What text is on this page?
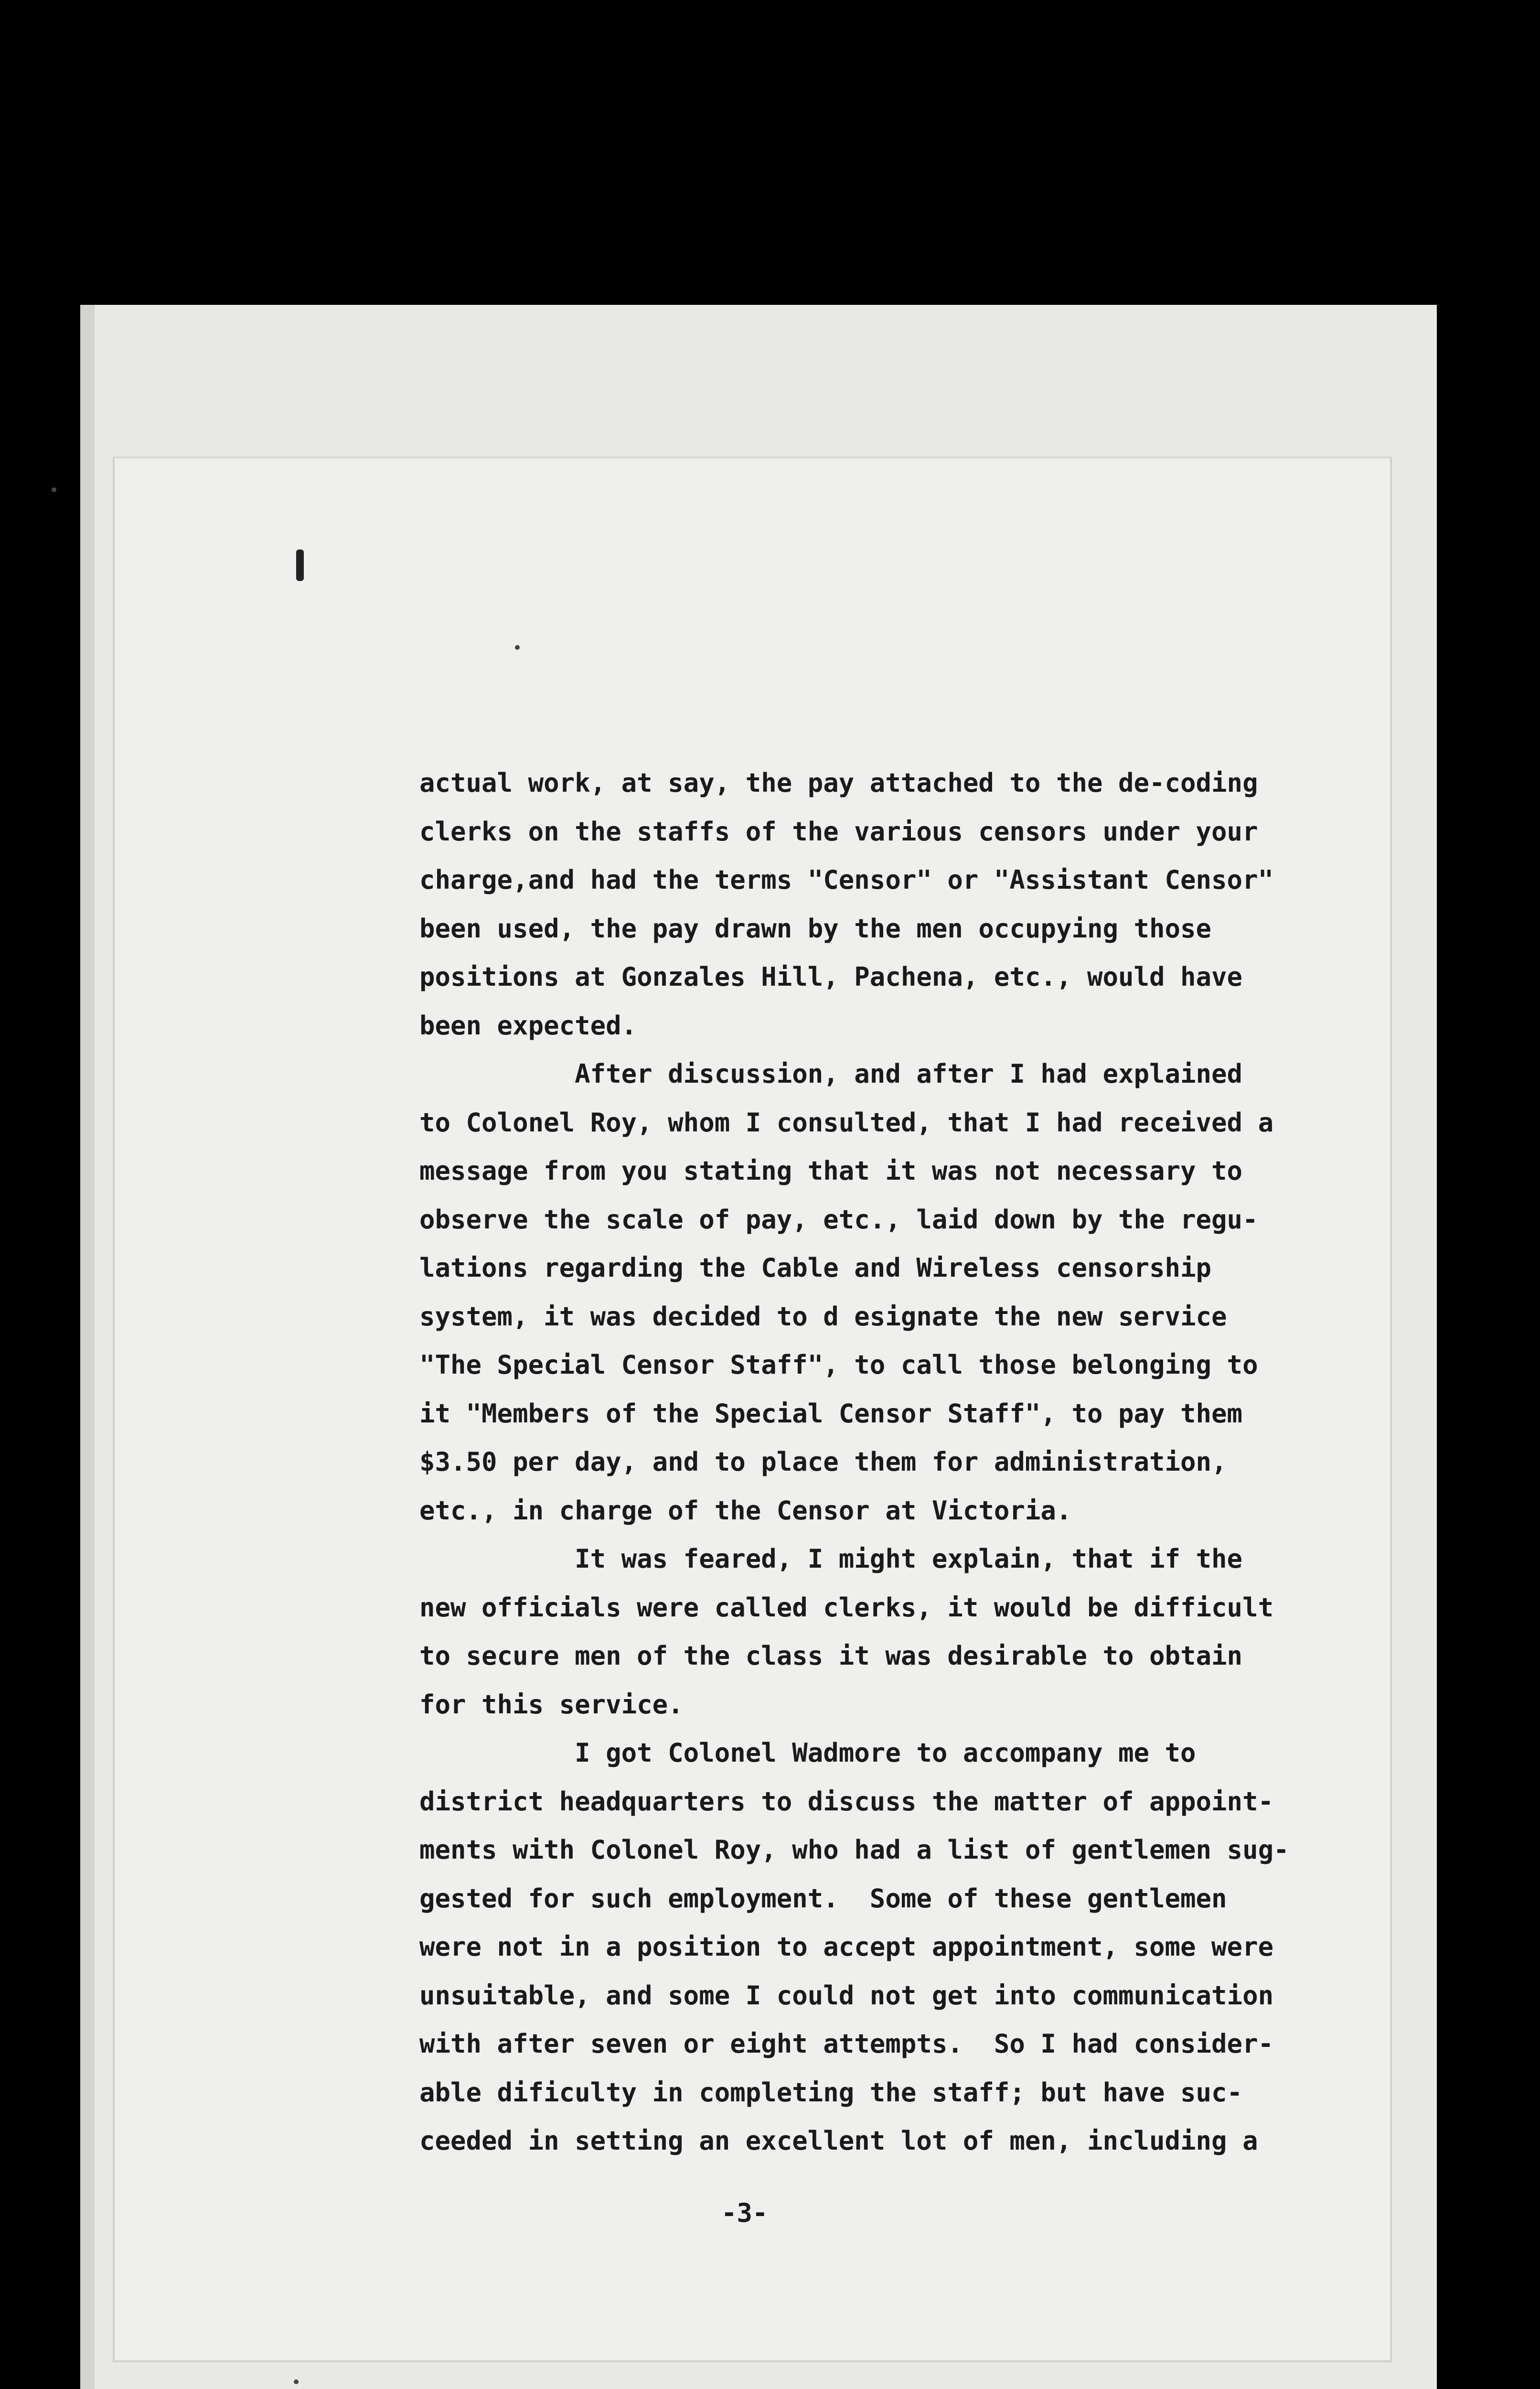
actual work, at say, the pay attached to the de-coding
clerks on the staffs of the various censors under your
charge,and had the terms "Censor" or "Assistant Censor"
been used, the pay drawn by the men occupying those
positions at Gonzales Hill, Pachena, etc., would have
been expected.
After discussion, and after I had explained
to Colonel Roy, whom I consulted, that I had received a
message from you stating that it was not necessary to
observe the scale of pay, etc., laid down by the regu-
lations regarding the Cable and Wireless censorship
system, it was decided to d esignate the new service
"The Special Censor Staff", to call those belonging to
it "Members of the Special Censor Staff", to pay them
$3.50 per day, and to place them for administration,
etc., in charge of the Censor at Victoria.
It was feared, I might explain, that if the
new officials were called clerks, it would be difficult
to secure men of the class it was desirable to obtain
for this service.
I got Colonel Wadmore to accompany me to
district headquarters to discuss the matter of appoint-
ments with Colonel Roy, who had a list of gentlemen sug-
gested for such employment.  Some of these gentlemen
were not in a position to accept appointment, some were
unsuitable, and some I could not get into communication
with after seven or eight attempts.  So I had consider-
able dificulty in completing the staff; but have suc-
ceeded in setting an excellent lot of men, including a
-3-
